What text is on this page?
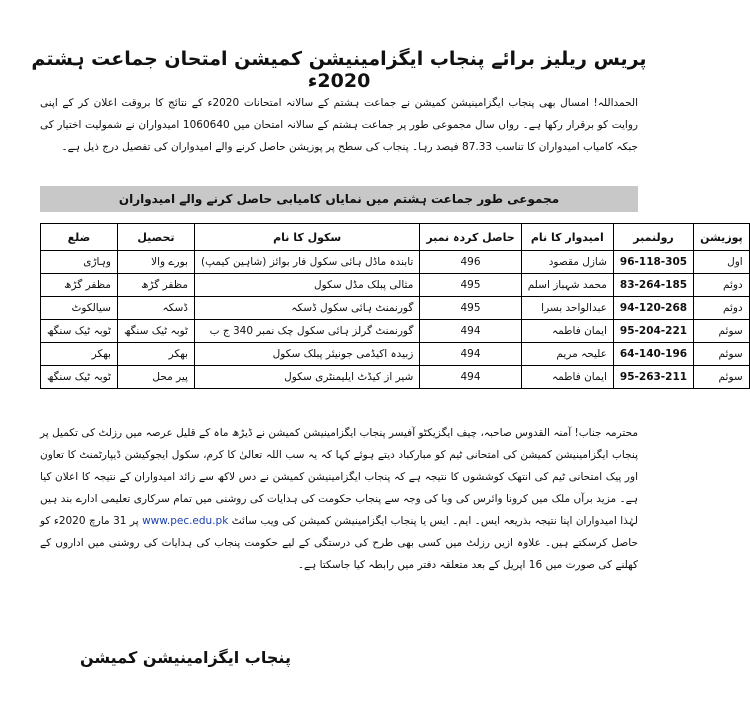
پریس ریلیز برائے پنجاب ایگزامینیشن کمیشن امتحان جماعت ہشتم 2020ء
الحمداللہ! امسال بھی پنجاب ایگزامینیشن کمیشن نے جماعت ہشتم کے سالانہ امتحانات 2020ء کے نتائج کا بروقت اعلان کر کے اپنی روایت کو برقرار رکھا ہے۔ رواں سال مجموعی طور پر جماعت ہشتم کے سالانہ امتحان میں 1060640 امیدواران نے شمولیت اختیار کی جبکہ کامیاب امیدواران کا تناسب 87.33 فیصد رہا۔ پنجاب کی سطح پر پوزیشن حاصل کرنے والے امیدواران کی تفصیل درج ذیل ہے۔
مجموعی طور جماعت ہشتم میں نمایاں کامیابی حاصل کرنے والے امیدواران
پوزیشن	رولنمبر	امیدوار کا نام	حاصل کردہ نمبر	سکول کا نام	تحصیل	ضلع
اول	96-118-305	شازل مقصود	496	تابندہ ماڈل ہائی سکول فار بوائز (شاہین کیمپ)	بورے والا	وہاڑی
دوئم	83-264-185	محمد شہباز اسلم	495	مثالی پبلک مڈل سکول	مظفر گڑھ	مظفر گڑھ
دوئم	94-120-268	عبدالواحد بسرا	495	گورنمنٹ ہائی سکول ڈسکہ	ڈسکہ	سیالکوٹ
سوئم	95-204-221	ایمان فاطمہ	494	گورنمنٹ گرلز ہائی سکول چک نمبر 340 ج ب	ٹوبہ ٹیک سنگھ	ٹوبہ ٹیک سنگھ
سوئم	64-140-196	علیحہ مریم	494	زبیدہ اکیڈمی جونیئر پبلک سکول	بھکر	بھکر
سوئم	95-263-211	ایمان فاطمہ	494	شیر از کیڈٹ ایلیمنٹری سکول	پیر محل	ٹوبہ ٹیک سنگھ
محترمہ جناب! آمنہ القدوس صاحبہ، چیف ایگزیکٹو آفیسر پنجاب ایگزامینیشن کمیشن نے ڈیڑھ ماہ کے قلیل عرصہ میں رزلٹ کی تکمیل پر پنجاب ایگزامینیشن کمیشن کی امتحانی ٹیم کو مبارکباد دیتے ہوئے کہا کہ یہ سب اللہ تعالیٰ کا کرم، سکول ایجوکیشن ڈیپارٹمنٹ کا تعاون اور پیک امتحانی ٹیم کی انتھک کوششوں کا نتیجہ ہے کہ پنجاب ایگزامینیشن کمیشن نے دس لاکھ سے زائد امیدواران کے نتیجہ کا اعلان کیا ہے۔ مزید برآں ملک میں کرونا وائرس کی وبا کی وجہ سے پنجاب حکومت کی ہدایات کی روشنی میں تمام سرکاری تعلیمی ادارے بند ہیں لہٰذا امیدواران اپنا نتیجہ بذریعہ ایس۔ ایم۔ ایس یا پنجاب ایگزامینیشن کمیشن کی ویب سائٹ www.pec.edu.pk پر 31 مارچ 2020ء کو حاصل کرسکتے ہیں۔ علاوہ ازیں رزلٹ میں کسی بھی طرح کی درستگی کے لیے حکومت پنجاب کی ہدایات کی روشنی میں اداروں کے کھلنے کی صورت میں 16 اپریل کے بعد متعلقہ دفتر میں رابطہ کیا جاسکتا ہے۔
پنجاب ایگزامینیشن کمیشن
